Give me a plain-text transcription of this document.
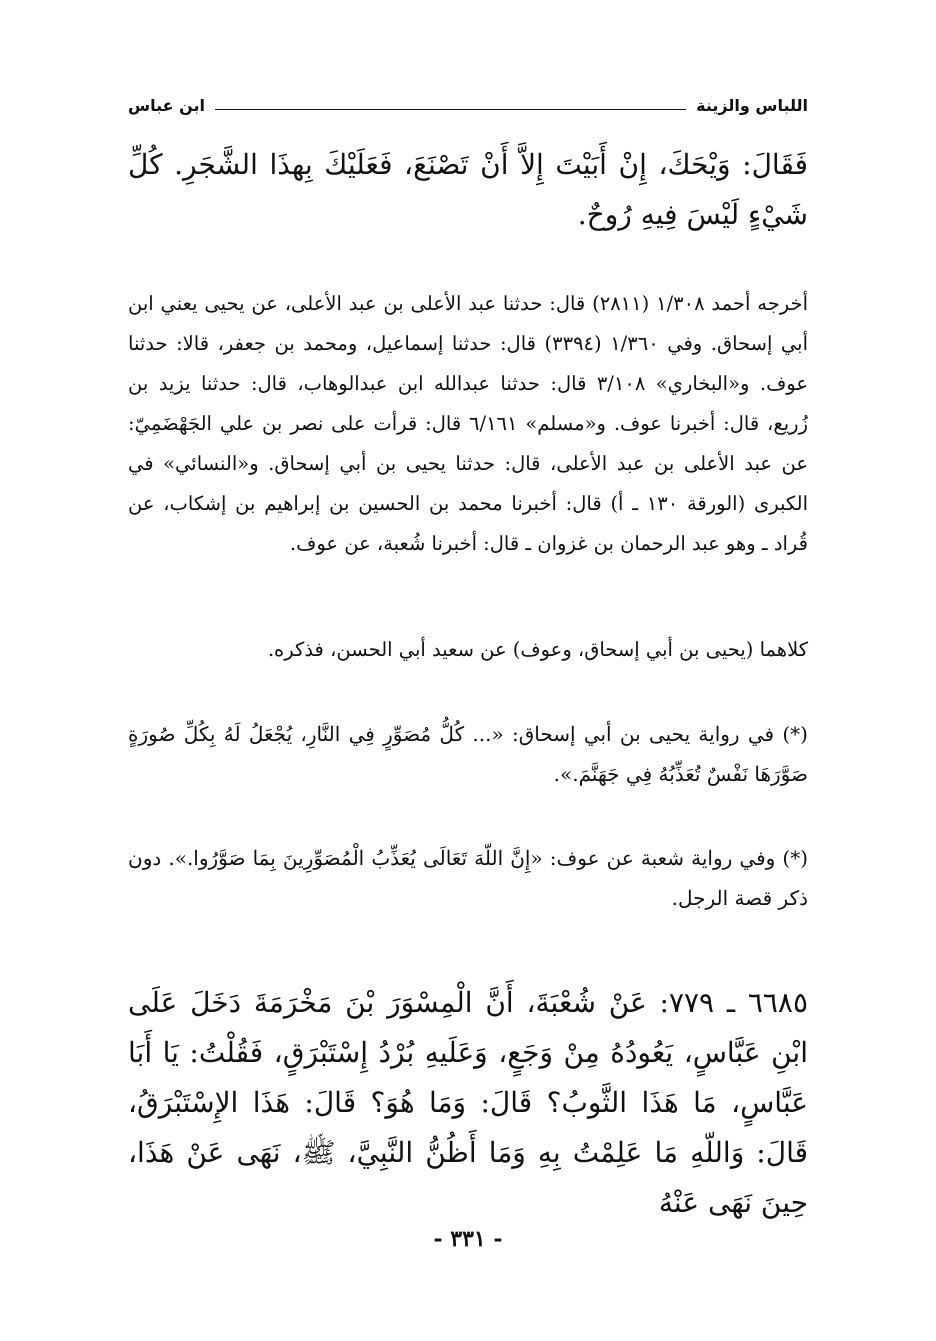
اللباس والزينة
ابن عباس

فَقَالَ: وَيْحَكَ، إِنْ أَبَيْتَ إِلاَّ أَنْ تَصْنَعَ، فَعَلَيْكَ بِهذَا الشَّجَرِ. كُلِّ شَيْءٍ لَيْسَ فِيهِ رُوحٌ.

أخرجه أحمد ١/٣٠٨ (٢٨١١) قال: حدثنا عبد الأعلى بن عبد الأعلى، عن يحيى يعني ابن أبي إسحاق. وفي ١/٣٦٠ (٣٣٩٤) قال: حدثنا إسماعيل، ومحمد بن جعفر، قالا: حدثنا عوف. و«البخاري» ٣/١٠٨ قال: حدثنا عبدالله ابن عبدالوهاب، قال: حدثنا يزيد بن زُريع، قال: أخبرنا عوف. و«مسلم» ٦/١٦١ قال: قرأت على نصر بن علي الجَهْضَمِيّ: عن عبد الأعلى بن عبد الأعلى، قال: حدثنا يحيى بن أبي إسحاق. و«النسائي» في الكبرى (الورقة ١٣٠ ـ أ) قال: أخبرنا محمد بن الحسين بن إبراهيم بن إشكاب، عن قُراد ـ وهو عبد الرحمان بن غزوان ـ قال: أخبرنا شُعبة، عن عوف.

كلاهما (يحيى بن أبي إسحاق، وعوف) عن سعيد أبي الحسن، فذكره.

(*) في رواية يحيى بن أبي إسحاق: «... كُلُّ مُصَوِّرٍ فِي النَّارِ، يُجْعَلُ لَهُ بِكُلِّ صُورَةٍ صَوَّرَهَا نَفْسٌ تُعَذِّبُهُ فِي جَهَنَّمَ.».

(*) وفي رواية شعبة عن عوف: «إِنَّ اللّهَ تَعَالَى يُعَذِّبُ الْمُصَوِّرِينَ بِمَا صَوَّرُوا.». دون ذكر قصة الرجل.

٦٦٨٥ ـ ٧٧٩: عَنْ شُعْبَةَ، أَنَّ الْمِسْوَرَ بْنَ مَخْرَمَةَ دَخَلَ عَلَى ابْنِ عَبَّاسٍ، يَعُودُهُ مِنْ وَجَعٍ، وَعَلَيهِ بُرْدُ إِسْتَبْرَقٍ، فَقُلْتُ: يَا أَبَا عَبَّاسٍ، مَا هَذَا الثَّوبُ؟ قَالَ: وَمَا هُوَ؟ قَالَ: هَذَا الإِسْتَبْرَقُ، قَالَ: وَاللّهِ مَا عَلِمْتُ بِهِ وَمَا أَظُنُّ النَّبِيَّ، ﷺ، نَهَى عَنْ هَذَا، حِينَ نَهَى عَنْهُ

- ٣٣١ -
